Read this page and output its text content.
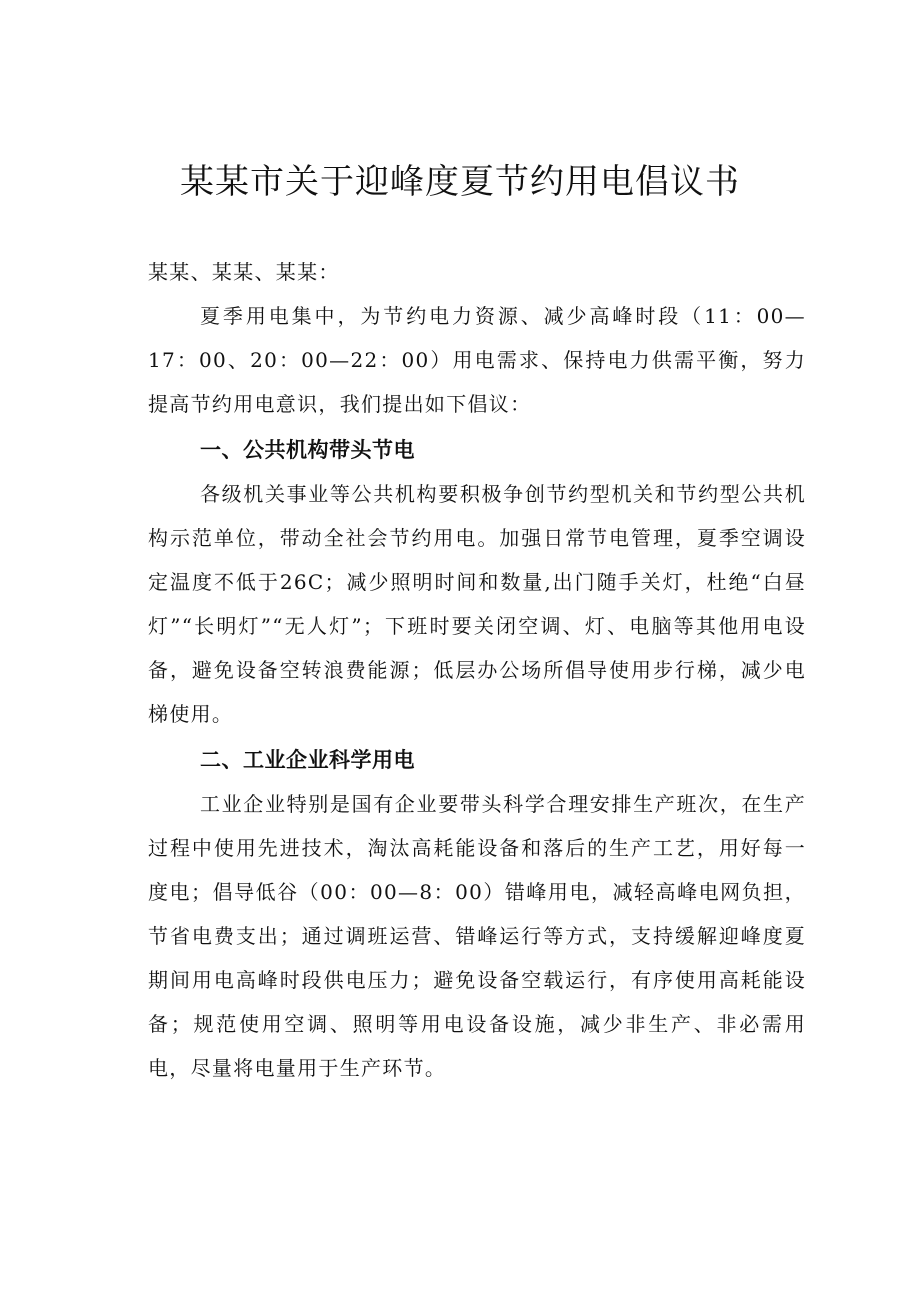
某某市关于迎峰度夏节约用电倡议书

某某、某某、某某：

夏季用电集中，为节约电力资源、减少高峰时段（11：00—17：00、20：00—22：00）用电需求、保持电力供需平衡，努力提高节约用电意识，我们提出如下倡议：

一、公共机构带头节电

各级机关事业等公共机构要积极争创节约型机关和节约型公共机构示范单位，带动全社会节约用电。加强日常节电管理，夏季空调设定温度不低于26C；减少照明时间和数量,出门随手关灯，杜绝“白昼灯”“长明灯”“无人灯”；下班时要关闭空调、灯、电脑等其他用电设备，避免设备空转浪费能源；低层办公场所倡导使用步行梯，减少电梯使用。

二、工业企业科学用电

工业企业特别是国有企业要带头科学合理安排生产班次，在生产过程中使用先进技术，淘汰高耗能设备和落后的生产工艺，用好每一度电；倡导低谷（00：00—8：00）错峰用电，减轻高峰电网负担，节省电费支出；通过调班运营、错峰运行等方式，支持缓解迎峰度夏期间用电高峰时段供电压力；避免设备空载运行，有序使用高耗能设备；规范使用空调、照明等用电设备设施，减少非生产、非必需用电，尽量将电量用于生产环节。
